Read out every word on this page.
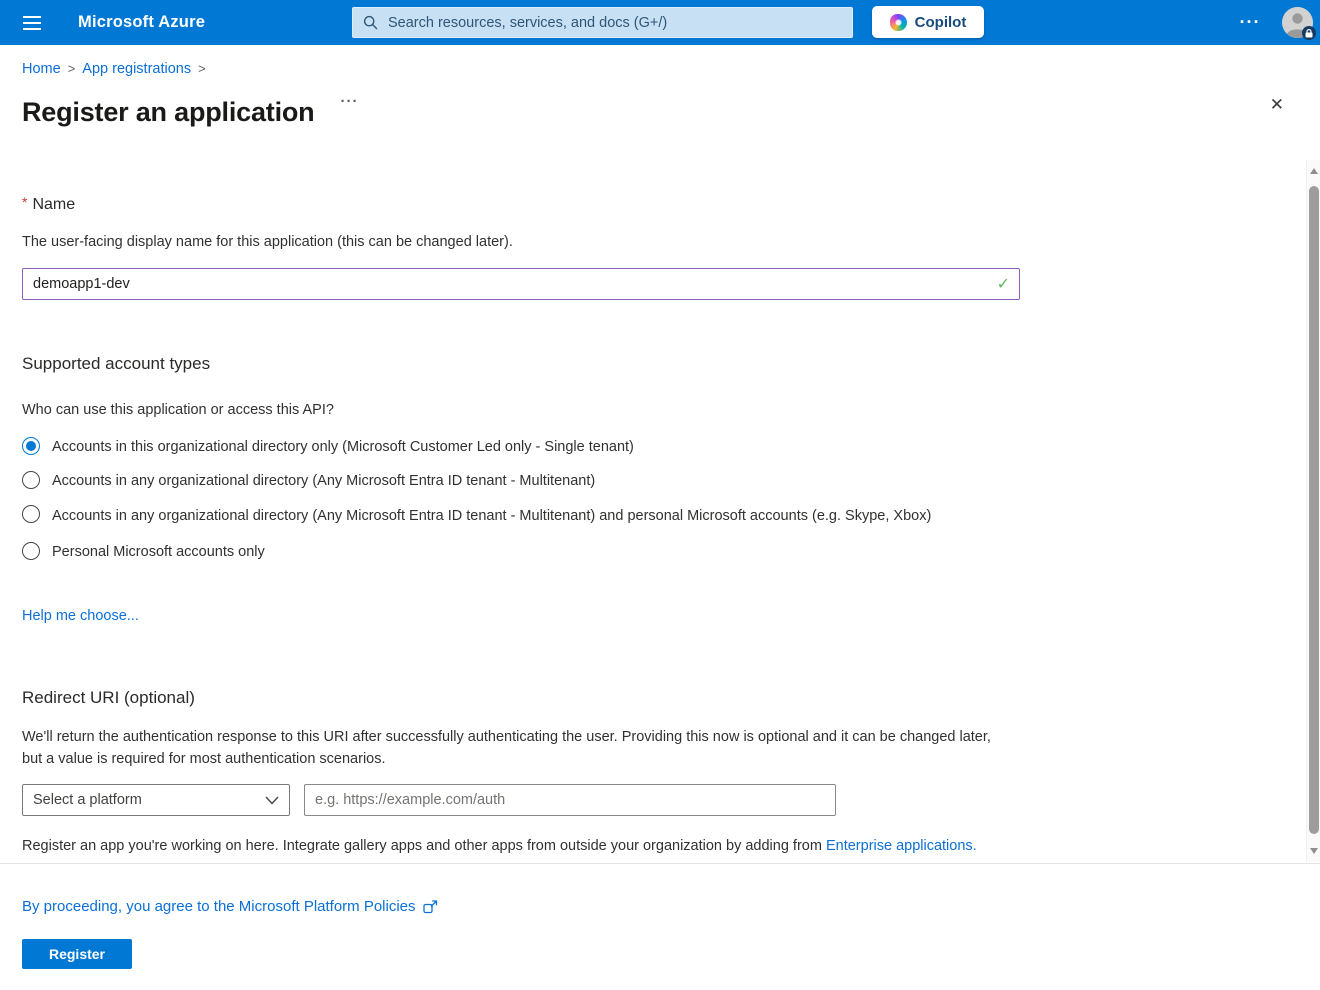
Microsoft Azure
Search resources, services, and docs (G+/)	Copilot
···
Home > App registrations >
Register an application ···
✕
* Name
The user-facing display name for this application (this can be changed later).
demoapp1-dev
✓
Supported account types
Who can use this application or access this API?
Accounts in this organizational directory only (Microsoft Customer Led only - Single tenant)
Accounts in any organizational directory (Any Microsoft Entra ID tenant - Multitenant)
Accounts in any organizational directory (Any Microsoft Entra ID tenant - Multitenant) and personal Microsoft accounts (e.g. Skype, Xbox)
Personal Microsoft accounts only
Help me choose...
Redirect URI (optional)
We'll return the authentication response to this URI after successfully authenticating the user. Providing this now is optional and it can be changed later, but a value is required for most authentication scenarios.
Select a platform
e.g. https://example.com/auth
Register an app you're working on here. Integrate gallery apps and other apps from outside your organization by adding from Enterprise applications.
By proceeding, you agree to the Microsoft Platform Policies
Register
